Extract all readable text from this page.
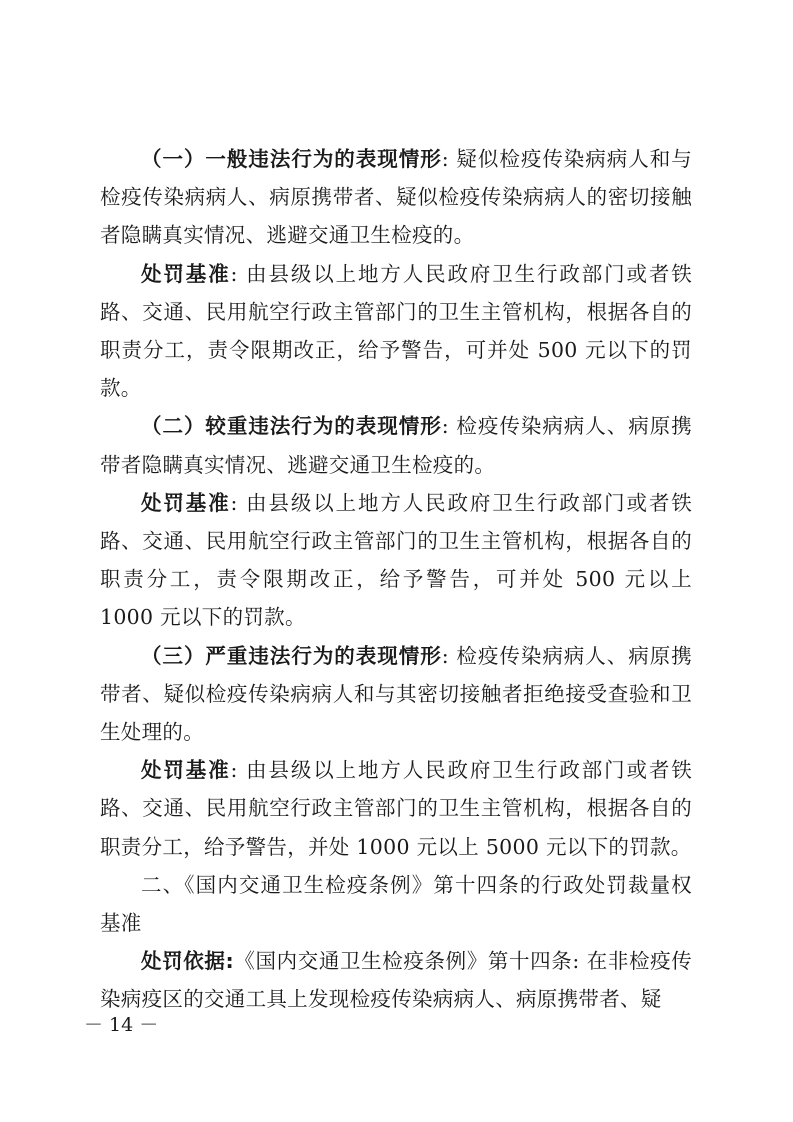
（一）一般违法行为的表现情形: 疑似检疫传染病病人和与检疫传染病病人、病原携带者、疑似检疫传染病病人的密切接触者隐瞒真实情况、逃避交通卫生检疫的。

处罚基准: 由县级以上地方人民政府卫生行政部门或者铁路、交通、民用航空行政主管部门的卫生主管机构，根据各自的职责分工，责令限期改正，给予警告，可并处 500 元以下的罚款。

（二）较重违法行为的表现情形: 检疫传染病病人、病原携带者隐瞒真实情况、逃避交通卫生检疫的。

处罚基准: 由县级以上地方人民政府卫生行政部门或者铁路、交通、民用航空行政主管部门的卫生主管机构，根据各自的职责分工，责令限期改正，给予警告，可并处 500 元以上 1000 元以下的罚款。

（三）严重违法行为的表现情形: 检疫传染病病人、病原携带者、疑似检疫传染病病人和与其密切接触者拒绝接受查验和卫生处理的。

处罚基准: 由县级以上地方人民政府卫生行政部门或者铁路、交通、民用航空行政主管部门的卫生主管机构，根据各自的职责分工，给予警告，并处 1000 元以上 5000 元以下的罚款。

二、《国内交通卫生检疫条例》第十四条的行政处罚裁量权基准

处罚依据:《国内交通卫生检疫条例》第十四条: 在非检疫传染病疫区的交通工具上发现检疫传染病病人、病原携带者、疑

－ 14 －
